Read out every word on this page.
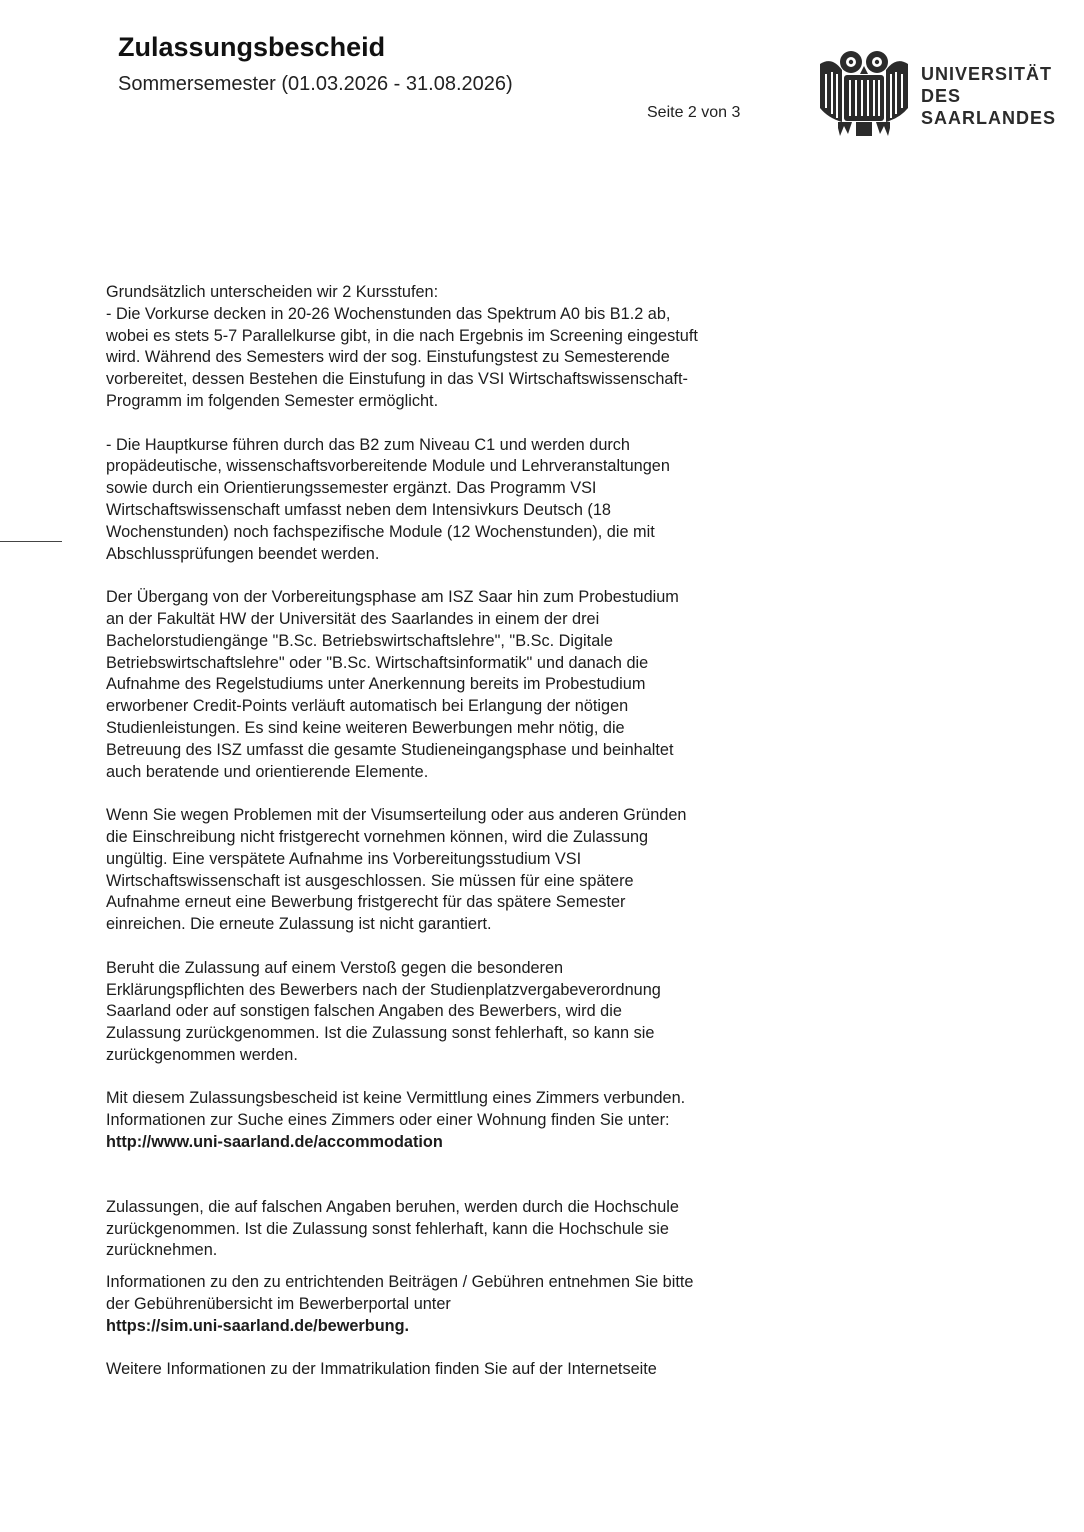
Zulassungsbescheid
Sommersemester (01.03.2026 - 31.08.2026)
Seite 2 von 3
UNIVERSITÄT
DES
SAARLANDES

Grundsätzlich unterscheiden wir 2 Kursstufen:
- Die Vorkurse decken in 20-26 Wochenstunden das Spektrum A0 bis B1.2 ab,
wobei es stets 5-7 Parallelkurse gibt, in die nach Ergebnis im Screening eingestuft
wird. Während des Semesters wird der sog. Einstufungstest zu Semesterende
vorbereitet, dessen Bestehen die Einstufung in das VSI Wirtschaftswissenschaft-
Programm im folgenden Semester ermöglicht.

- Die Hauptkurse führen durch das B2 zum Niveau C1 und werden durch
propädeutische, wissenschaftsvorbereitende Module und Lehrveranstaltungen
sowie durch ein Orientierungssemester ergänzt. Das Programm VSI
Wirtschaftswissenschaft umfasst neben dem Intensivkurs Deutsch (18
Wochenstunden) noch fachspezifische Module (12 Wochenstunden), die mit
Abschlussprüfungen beendet werden.

Der Übergang von der Vorbereitungsphase am ISZ Saar hin zum Probestudium
an der Fakultät HW der Universität des Saarlandes in einem der drei
Bachelorstudiengänge "B.Sc. Betriebswirtschaftslehre", "B.Sc. Digitale
Betriebswirtschaftslehre" oder "B.Sc. Wirtschaftsinformatik" und danach die
Aufnahme des Regelstudiums unter Anerkennung bereits im Probestudium
erworbener Credit-Points verläuft automatisch bei Erlangung der nötigen
Studienleistungen. Es sind keine weiteren Bewerbungen mehr nötig, die
Betreuung des ISZ umfasst die gesamte Studieneingangsphase und beinhaltet
auch beratende und orientierende Elemente.

Wenn Sie wegen Problemen mit der Visumserteilung oder aus anderen Gründen
die Einschreibung nicht fristgerecht vornehmen können, wird die Zulassung
ungültig. Eine verspätete Aufnahme ins Vorbereitungsstudium VSI
Wirtschaftswissenschaft ist ausgeschlossen. Sie müssen für eine spätere
Aufnahme erneut eine Bewerbung fristgerecht für das spätere Semester
einreichen. Die erneute Zulassung ist nicht garantiert.

Beruht die Zulassung auf einem Verstoß gegen die besonderen
Erklärungspflichten des Bewerbers nach der Studienplatzvergabeverordnung
Saarland oder auf sonstigen falschen Angaben des Bewerbers, wird die
Zulassung zurückgenommen. Ist die Zulassung sonst fehlerhaft, so kann sie
zurückgenommen werden.

Mit diesem Zulassungsbescheid ist keine Vermittlung eines Zimmers verbunden.
Informationen zur Suche eines Zimmers oder einer Wohnung finden Sie unter:
http://www.uni-saarland.de/accommodation

Zulassungen, die auf falschen Angaben beruhen, werden durch die Hochschule
zurückgenommen. Ist die Zulassung sonst fehlerhaft, kann die Hochschule sie
zurücknehmen.

Informationen zu den zu entrichtenden Beiträgen / Gebühren entnehmen Sie bitte
der Gebührenübersicht im Bewerberportal unter
https://sim.uni-saarland.de/bewerbung.

Weitere Informationen zu der Immatrikulation finden Sie auf der Internetseite
